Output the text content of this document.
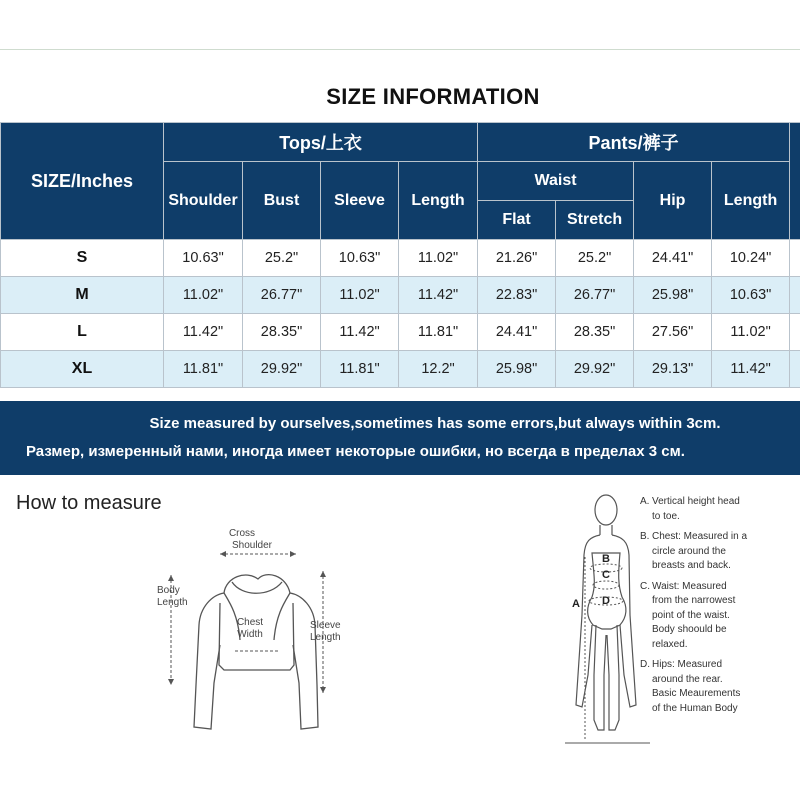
SIZE INFORMATION
SIZE/Inches	Tops/上衣				Pants/裤子				
	Shoulder	Bust	Sleeve	Length	Waist		Hip	Length	
					Flat	Stretch			
S	10.63"	25.2"	10.63"	11.02"	21.26"	25.2"	24.41"	10.24"	
M	11.02"	26.77"	11.02"	11.42"	22.83"	26.77"	25.98"	10.63"	
L	11.42"	28.35"	11.42"	11.81"	24.41"	28.35"	27.56"	11.02"	
XL	11.81"	29.92"	11.81"	12.2"	25.98"	29.92"	29.13"	11.42"	
Size measured by ourselves,sometimes has some errors,but always within 3cm.
Размер, измеренный нами, иногда имеет некоторые ошибки, но всегда в пределах 3 см.
How to measure
Cross
Shoulder
Body
Length
Chest
Width
Sleeve
Length
A
B
C
D
A. Vertical height head

to toe.

B. Chest: Measured in a

circle around the

breasts and back.

C. Waist: Measured

from the narrowest

point of the waist.

Body shoould be

relaxed.

D. Hips: Measured

around the rear.

Basic Meaurements

of the Human Body
